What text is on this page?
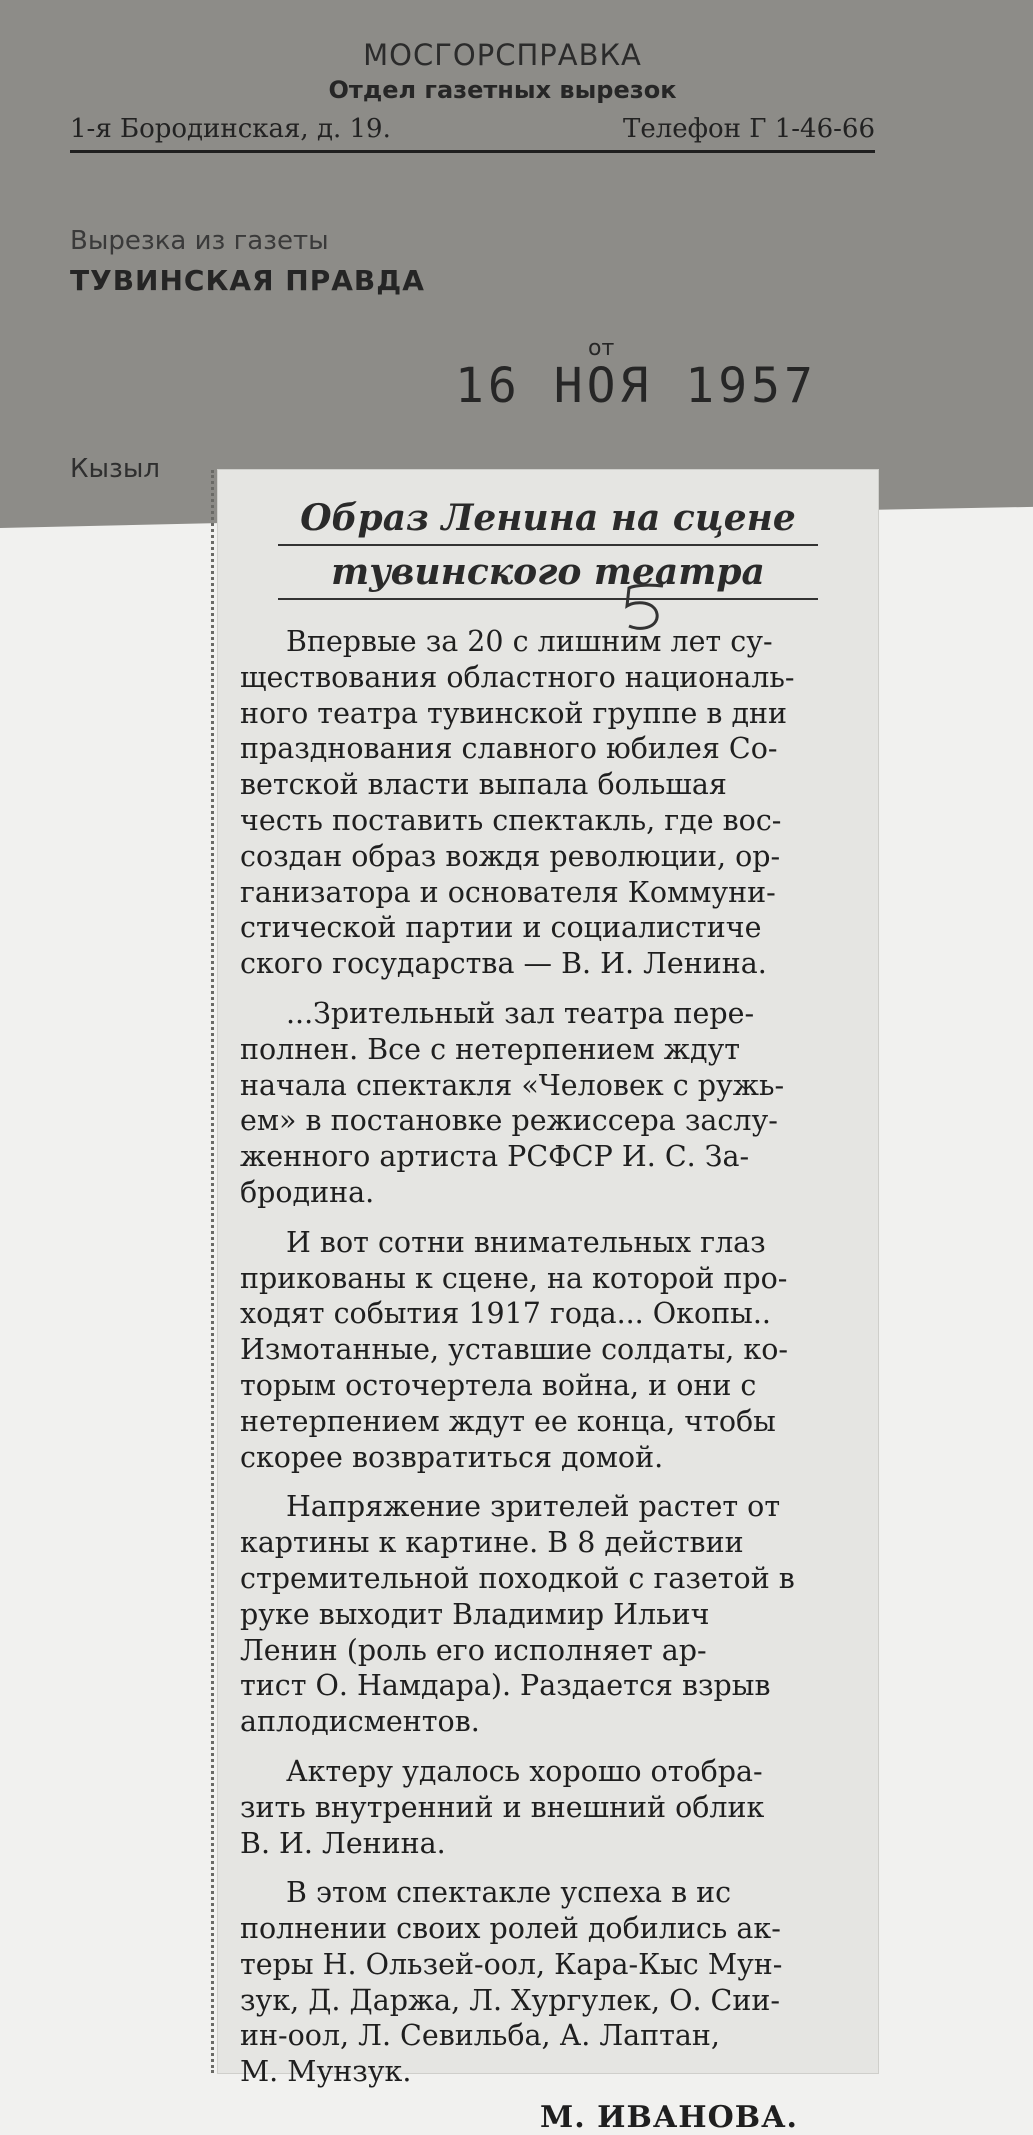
МОСГОРСПРАВКА
Отдел газетных вырезок
1-я Бородинская, д. 19.	Телефон Г 1-46-66
Вырезка из газеты
ТУВИНСКАЯ ПРАВДА
от
16 НОЯ 1957
Кызыл
Образ Ленина на сцене
тувинского театра
Впервые за 20 с лишним лет су-
ществования областного националь-
ного театра тувинской группе в дни
празднования славного юбилея Со-
ветской власти выпала большая
честь поставить спектакль, где вос-
создан образ вождя революции, ор-
ганизатора и основателя Коммуни-
стической партии и социалистиче
ского государства — В. И. Ленина.
...Зрительный зал театра пере-
полнен. Все с нетерпением ждут
начала спектакля «Человек с ружь-
ем» в постановке режиссера заслу-
женного артиста РСФСР И. С. За-
бродина.
И вот сотни внимательных глаз
прикованы к сцене, на которой про-
ходят события 1917 года... Окопы..
Измотанные, уставшие солдаты, ко-
торым осточертела война, и они с
нетерпением ждут ее конца, чтобы
скорее возвратиться домой.
Напряжение зрителей растет от
картины к картине. В 8 действии
стремительной походкой с газетой в
руке выходит Владимир Ильич
Ленин (роль его исполняет ар-
тист О. Намдара). Раздается взрыв
аплодисментов.
Актеру удалось хорошо отобра-
зить внутренний и внешний облик
В. И. Ленина.
В этом спектакле успеха в ис
полнении своих ролей добились ак-
теры Н. Ользей-оол, Кара-Кыс Мун-
зук, Д. Даржа, Л. Хургулек, О. Сии-
ин-оол, Л. Севильба, А. Лаптан,
М. Мунзук.
М. ИВАНОВА.
